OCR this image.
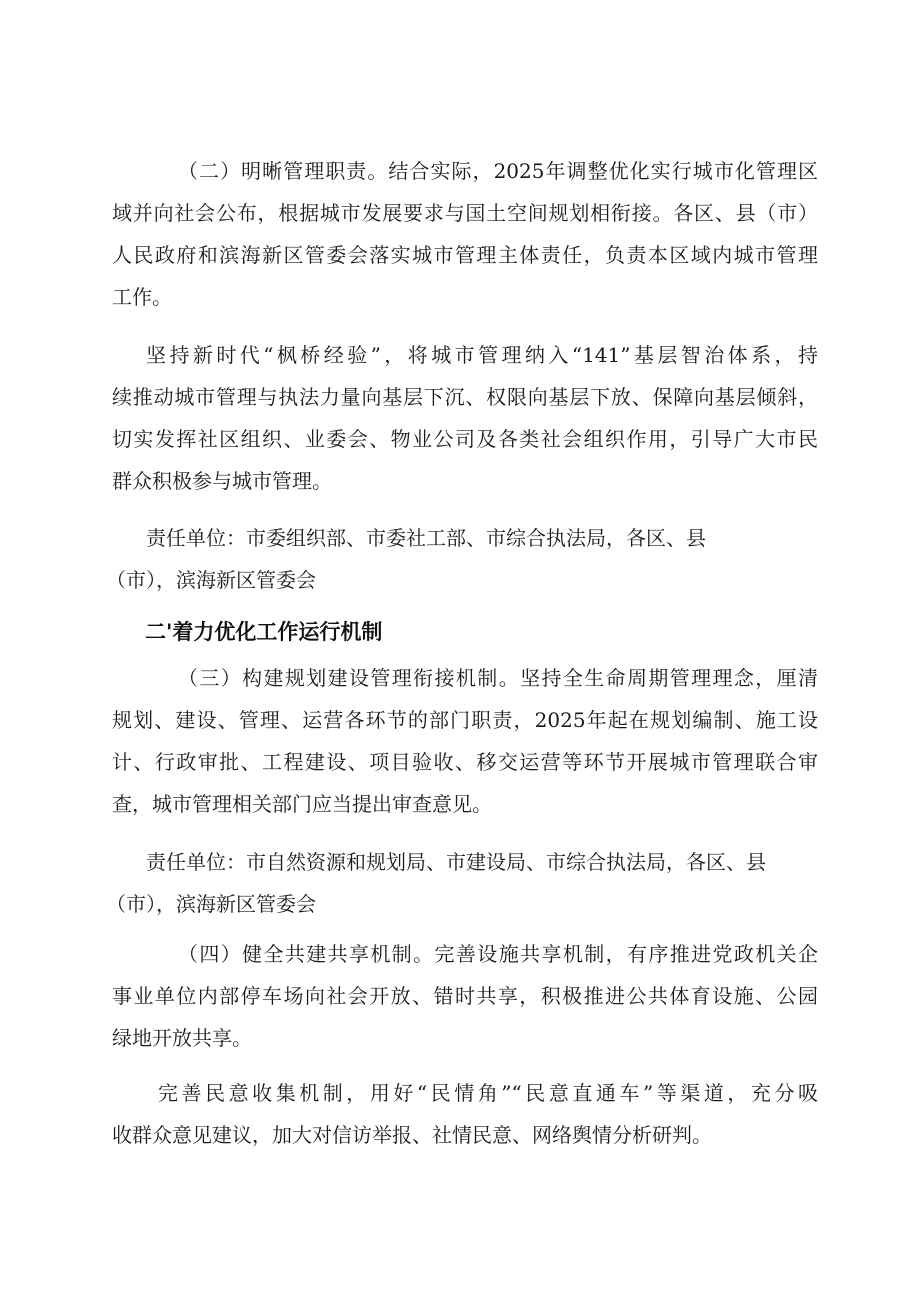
（二）明晰管理职责。结合实际，2025年调整优化实行城市化管理区
域并向社会公布，根据城市发展要求与国土空间规划相衔接。各区、县（市）
人民政府和滨海新区管委会落实城市管理主体责任，负责本区域内城市管理
工作。
坚持新时代“枫桥经验”，将城市管理纳入“141”基层智治体系，持
续推动城市管理与执法力量向基层下沉、权限向基层下放、保障向基层倾斜，
切实发挥社区组织、业委会、物业公司及各类社会组织作用，引导广大市民
群众积极参与城市管理。
责任单位：市委组织部、市委社工部、市综合执法局，各区、县
（市），滨海新区管委会
二'着力优化工作运行机制
（三）构建规划建设管理衔接机制。坚持全生命周期管理理念，厘清
规划、建设、管理、运营各环节的部门职责，2025年起在规划编制、施工设
计、行政审批、工程建设、项目验收、移交运营等环节开展城市管理联合审
查，城市管理相关部门应当提出审查意见。
责任单位：市自然资源和规划局、市建设局、市综合执法局，各区、县
（市），滨海新区管委会
（四）健全共建共享机制。完善设施共享机制，有序推进党政机关企
事业单位内部停车场向社会开放、错时共享，积极推进公共体育设施、公园
绿地开放共享。
完善民意收集机制，用好“民情角”“民意直通车”等渠道，充分吸
收群众意见建议，加大对信访举报、社情民意、网络舆情分析研判。
